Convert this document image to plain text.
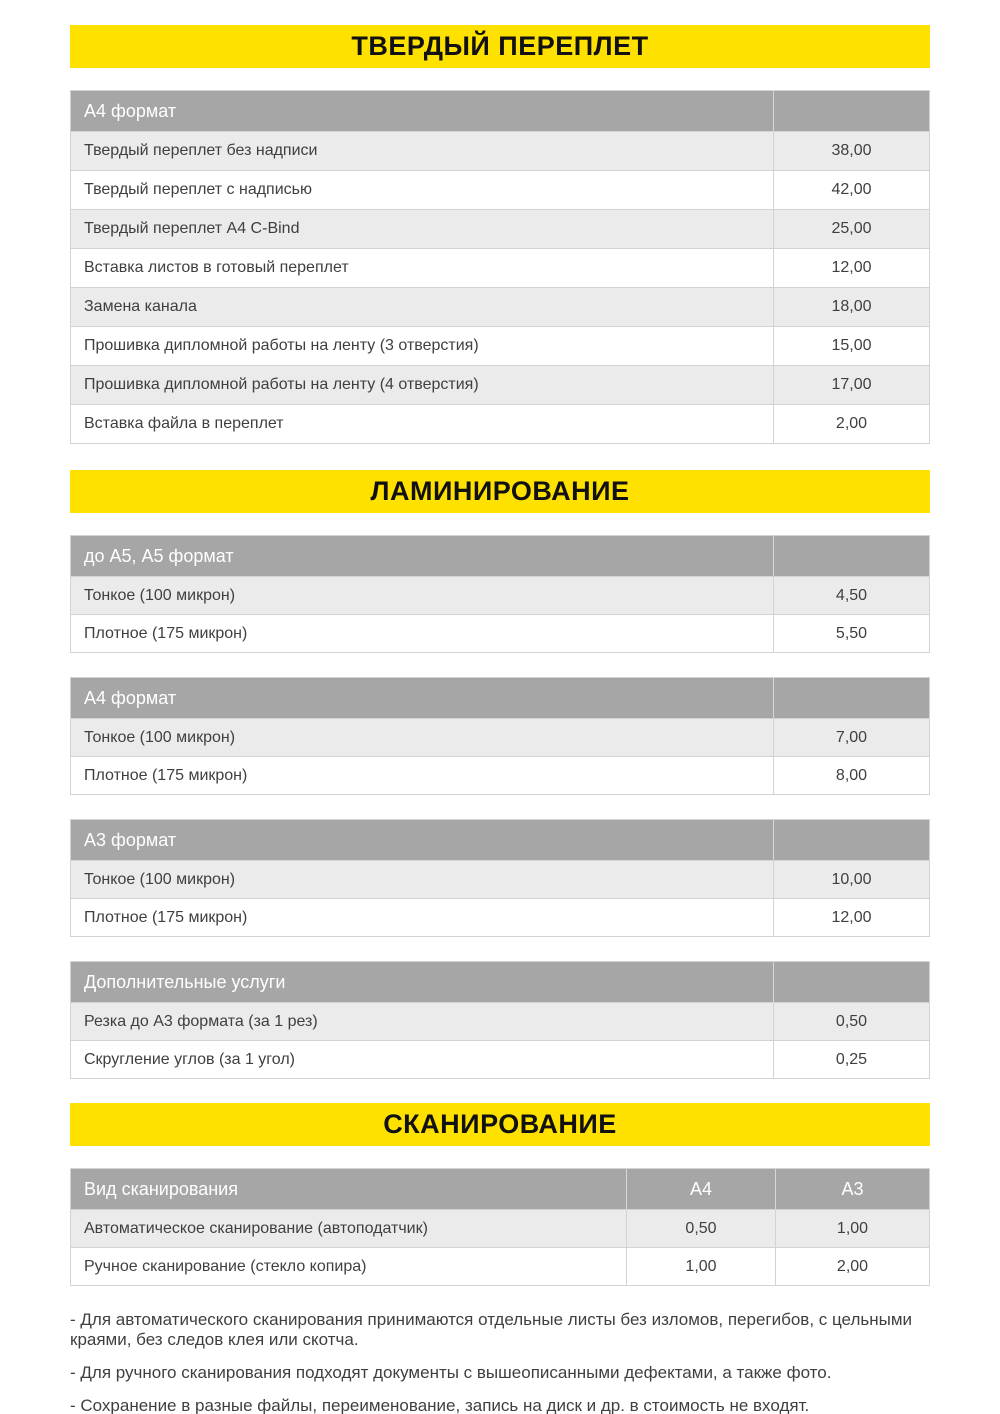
ТВЕРДЫЙ ПЕРЕПЛЕТ
А4 формат
Твердый переплет без надписи	38,00
Твердый переплет с надписью	42,00
Твердый переплет А4 C-Bind	25,00
Вставка листов в готовый переплет	12,00
Замена канала	18,00
Прошивка дипломной работы на ленту (3 отверстия)	15,00
Прошивка дипломной работы на ленту (4 отверстия)	17,00
Вставка файла в переплет	2,00
ЛАМИНИРОВАНИЕ
до А5, А5 формат
Тонкое (100 микрон)	4,50
Плотное (175 микрон)	5,50
А4 формат
Тонкое (100 микрон)	7,00
Плотное (175 микрон)	8,00
А3 формат
Тонкое (100 микрон)	10,00
Плотное (175 микрон)	12,00
Дополнительные услуги
Резка до А3 формата (за 1 рез)	0,50
Скругление углов (за 1 угол)	0,25
СКАНИРОВАНИЕ
Вид сканирования	А4	А3
Автоматическое сканирование (автоподатчик)	0,50	1,00
Ручное сканирование (стекло копира)	1,00	2,00

- Для автоматического сканирования принимаются отдельные листы без изломов, перегибов, с цельными краями, без следов клея или скотча.

- Для ручного сканирования подходят документы с вышеописанными дефектами, а также фото.

- Сохранение в разные файлы, переименование, запись на диск и др. в стоимость не входят.
